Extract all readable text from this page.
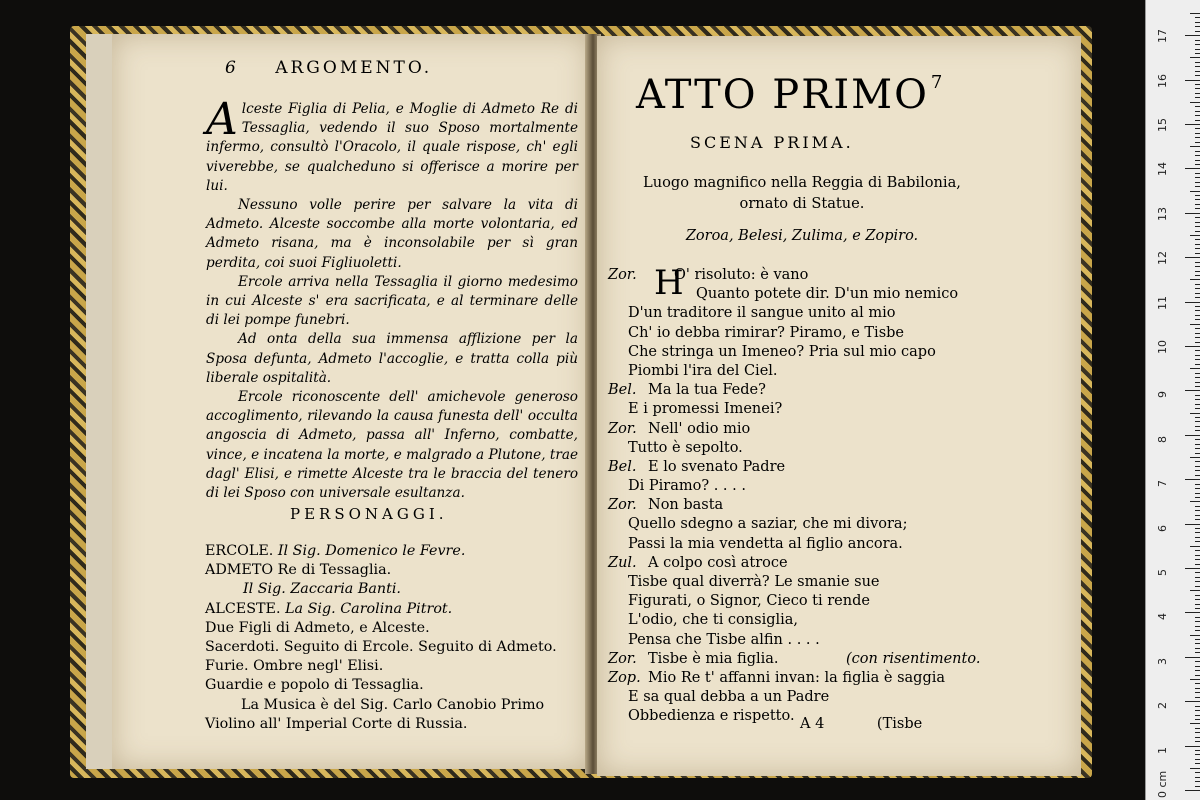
6 ARGOMENTO.

Alceste Figlia di Pelia, e Moglie di Admeto Re di Tessaglia, vedendo il suo Sposo mortalmente infermo, consultò l'Oracolo, il quale rispose, ch' egli viverebbe, se qualcheduno si offerisce a morire per lui.

Nessuno volle perire per salvare la vita di Admeto. Alceste soccombe alla morte volontaria, ed Admeto risana, ma è inconsolabile per sì gran perdita, coi suoi Figliuoletti.

Ercole arriva nella Tessaglia il giorno medesimo in cui Alceste s' era sacrificata, e al terminare delle di lei pompe funebri.

Ad onta della sua immensa afflizione per la Sposa defunta, Admeto l'accoglie, e tratta colla più liberale ospitalità.

Ercole riconoscente dell' amichevole generoso accoglimento, rilevando la causa funesta dell' occulta angoscia di Admeto, passa all' Inferno, combatte, vince, e incatena la morte, e malgrado a Plutone, trae dagl' Elisi, e rimette Alceste tra le braccia del tenero di lei Sposo con universale esultanza.

PERSONAGGI.
ERCOLE. Il Sig. Domenico le Fevre.
ADMETO Re di Tessaglia.
Il Sig. Zaccaria Banti.
ALCESTE. La Sig. Carolina Pitrot.
Due Figli di Admeto, e Alceste.
Sacerdoti. Seguito di Ercole. Seguito di Admeto.
Furie. Ombre negl' Elisi.
Guardie e popolo di Tessaglia.
La Musica è del Sig. Carlo Canobio Primo
Violino all' Imperial Corte di Russia.
ATTO PRIMO $^7$
SCENA PRIMA.
Luogo magnifico nella Reggia di Babilonia,
ornato di Statue.
Zoroa, Belesi, Zulima, e Zopiro.
Zor. H
O' risoluto: è vano
Quanto potete dir. D'un mio nemico
D'un traditore il sangue unito al mio
Ch' io debba rimirar? Piramo, e Tisbe
Che stringa un Imeneo? Pria sul mio capo
Piombi l'ira del Ciel.
Bel. Ma la tua Fede?
E i promessi Imenei?
Zor. Nell' odio mio
Tutto è sepolto.
Bel. E lo svenato Padre
Di Piramo? . . . .
Zor. Non basta
Quello sdegno a saziar, che mi divora;
Passi la mia vendetta al figlio ancora.
Zul. A colpo così atroce
Tisbe qual diverrà? Le smanie sue
Figurati, o Signor, Cieco ti rende
L'odio, che ti consiglia,
Pensa che Tisbe alfin . . . .
Zor. Tisbe è mia figlia.	(con risentimento.
Zop. Mio Re t' affanni invan: la figlia è saggia
E sa qual debba a un Padre
Obbedienza e rispetto. A 4	(Tisbe
0 cm
1
2
3
4
5
6
7
8
9
10
11
12
13
14
15
16
17
